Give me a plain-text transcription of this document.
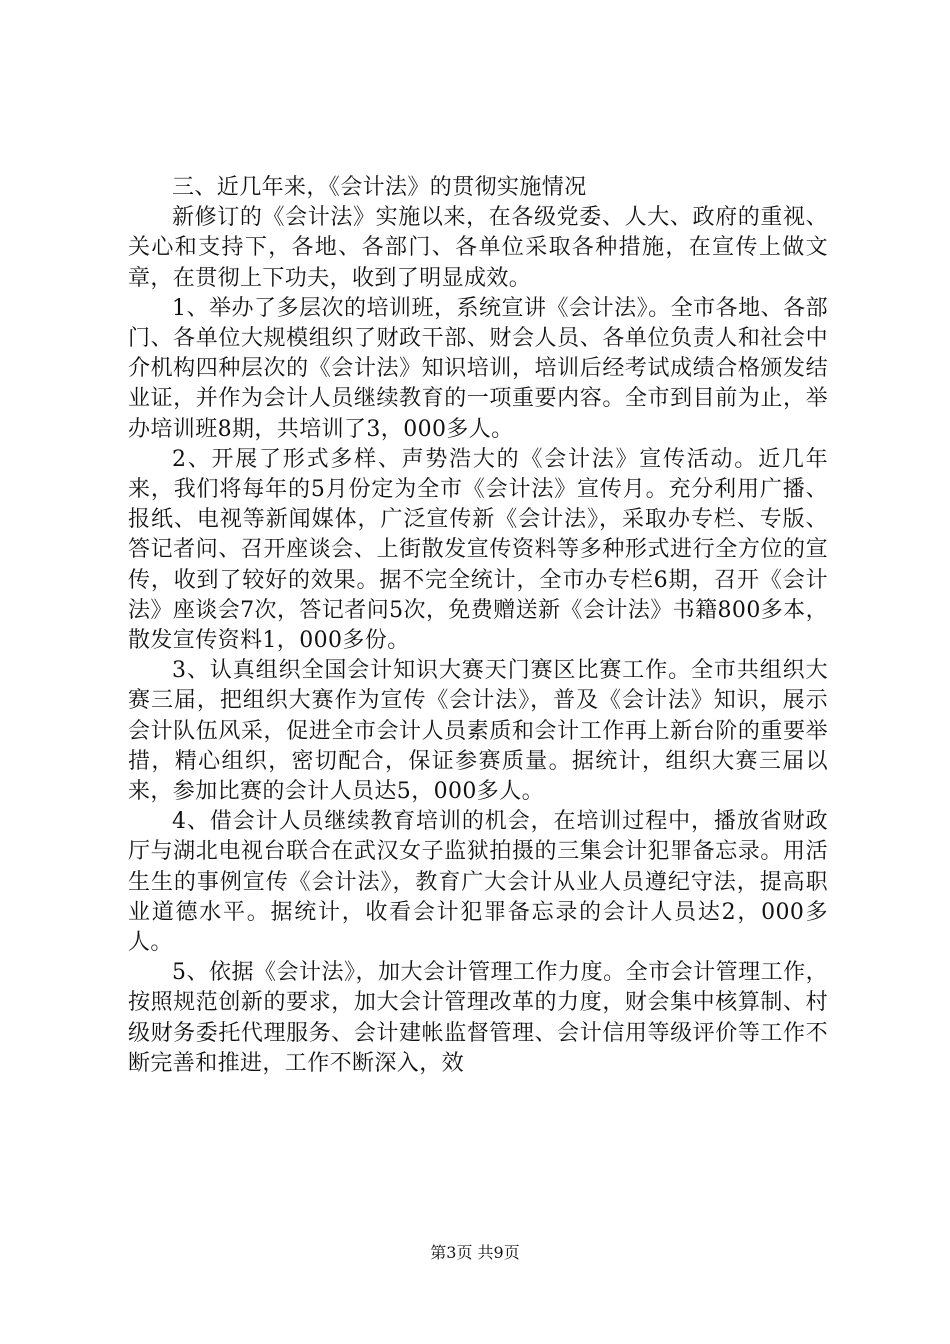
三、近几年来，《会计法》的贯彻实施情况

新修订的《会计法》实施以来，在各级党委、人大、政府的重视、关心和支持下，各地、各部门、各单位采取各种措施，在宣传上做文章，在贯彻上下功夫，收到了明显成效。

1、举办了多层次的培训班，系统宣讲《会计法》。全市各地、各部门、各单位大规模组织了财政干部、财会人员、各单位负责人和社会中介机构四种层次的《会计法》知识培训，培训后经考试成绩合格颁发结业证，并作为会计人员继续教育的一项重要内容。全市到目前为止，举办培训班8期，共培训了3，000多人。

2、开展了形式多样、声势浩大的《会计法》宣传活动。近几年来，我们将每年的5月份定为全市《会计法》宣传月。充分利用广播、报纸、电视等新闻媒体，广泛宣传新《会计法》，采取办专栏、专版、答记者问、召开座谈会、上街散发宣传资料等多种形式进行全方位的宣传，收到了较好的效果。据不完全统计，全市办专栏6期，召开《会计法》座谈会7次，答记者问5次，免费赠送新《会计法》书籍800多本，散发宣传资料1，000多份。

3、认真组织全国会计知识大赛天门赛区比赛工作。全市共组织大赛三届，把组织大赛作为宣传《会计法》，普及《会计法》知识，展示会计队伍风采，促进全市会计人员素质和会计工作再上新台阶的重要举措，精心组织，密切配合，保证参赛质量。据统计，组织大赛三届以来，参加比赛的会计人员达5，000多人。

4、借会计人员继续教育培训的机会，在培训过程中，播放省财政厅与湖北电视台联合在武汉女子监狱拍摄的三集会计犯罪备忘录。用活生生的事例宣传《会计法》，教育广大会计从业人员遵纪守法，提高职业道德水平。据统计，收看会计犯罪备忘录的会计人员达2，000多人。

5、依据《会计法》，加大会计管理工作力度。全市会计管理工作，按照规范创新的要求，加大会计管理改革的力度，财会集中核算制、村级财务委托代理服务、会计建帐监督管理、会计信用等级评价等工作不断完善和推进，工作不断深入，效

第3页 共9页
